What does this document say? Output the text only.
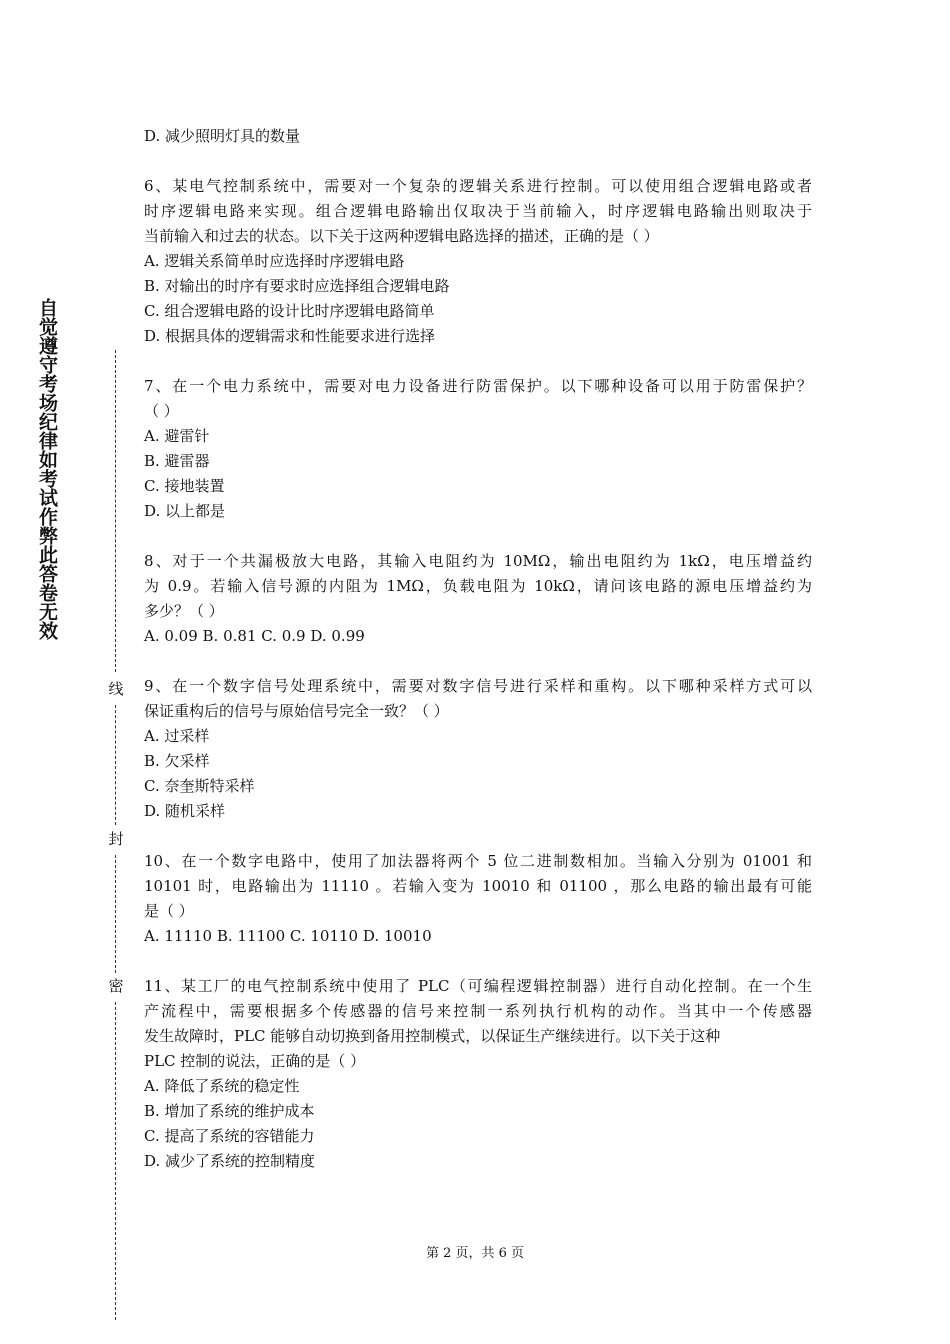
自觉遵守考场纪律如考试作弊此答卷无效
线
封
密
D. 减少照明灯具的数量
6、某电气控制系统中，需要对一个复杂的逻辑关系进行控制。可以使用组合逻辑电路或者
时序逻辑电路来实现。组合逻辑电路输出仅取决于当前输入，时序逻辑电路输出则取决于
当前输入和过去的状态。以下关于这两种逻辑电路选择的描述，正确的是（ ）
A. 逻辑关系简单时应选择时序逻辑电路
B. 对输出的时序有要求时应选择组合逻辑电路
C. 组合逻辑电路的设计比时序逻辑电路简单
D. 根据具体的逻辑需求和性能要求进行选择
7、在一个电力系统中，需要对电力设备进行防雷保护。以下哪种设备可以用于防雷保护？
（ ）
A. 避雷针
B. 避雷器
C. 接地装置
D. 以上都是
8、对于一个共漏极放大电路，其输入电阻约为 10MΩ，输出电阻约为 1kΩ，电压增益约
为 0.9。若输入信号源的内阻为 1MΩ，负载电阻为 10kΩ，请问该电路的源电压增益约为
多少？（ ）
A. 0.09 B. 0.81 C. 0.9 D. 0.99
9、在一个数字信号处理系统中，需要对数字信号进行采样和重构。以下哪种采样方式可以
保证重构后的信号与原始信号完全一致？（ ）
A. 过采样
B. 欠采样
C. 奈奎斯特采样
D. 随机采样
10、在一个数字电路中，使用了加法器将两个 5 位二进制数相加。当输入分别为 01001 和
10101 时，电路输出为 11110 。若输入变为 10010 和 01100 ，那么电路的输出最有可能
是（ ）
A. 11110 B. 11100 C. 10110 D. 10010
11、某工厂的电气控制系统中使用了 PLC（可编程逻辑控制器）进行自动化控制。在一个生
产流程中，需要根据多个传感器的信号来控制一系列执行机构的动作。当其中一个传感器
发生故障时，PLC 能够自动切换到备用控制模式，以保证生产继续进行。以下关于这种
PLC 控制的说法，正确的是（ ）
A. 降低了系统的稳定性
B. 增加了系统的维护成本
C. 提高了系统的容错能力
D. 减少了系统的控制精度
第 2 页，共 6 页
